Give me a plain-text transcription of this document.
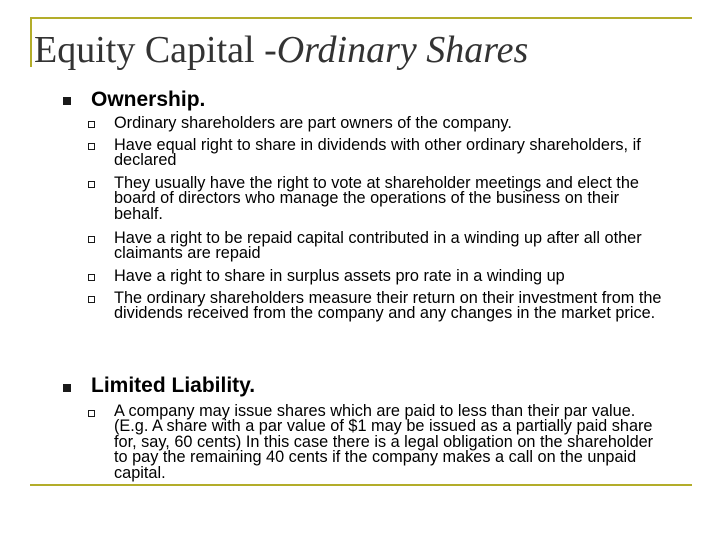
Equity Capital -Ordinary Shares
Ownership.
Ordinary shareholders are part owners of the company.
Have equal right to share in dividends with other ordinary shareholders, if declared
They usually have the right to vote at shareholder meetings and elect the board of directors who manage the operations of the business on their behalf.
Have a right to be repaid capital contributed in a winding up after all other claimants are repaid
Have a right to share in surplus assets pro rate in a winding up
The ordinary shareholders measure their return on their investment from the dividends received from the company and any changes in the market price.
Limited Liability.
A company may issue shares which are paid to less than their par value. (E.g. A share with a par value of $1 may be issued as a partially paid share for, say, 60 cents) In this case there is a legal obligation on the shareholder to pay the remaining 40 cents if the company makes a call on the unpaid capital.
